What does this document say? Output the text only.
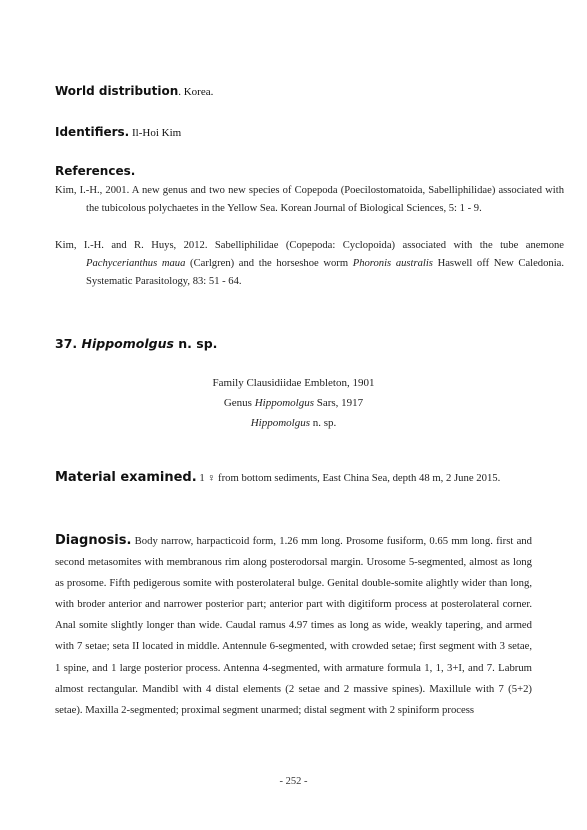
World distribution. Korea.

Identifiers. Il-Hoi Kim

References.

Kim, I.-H., 2001. A new genus and two new species of Copepoda (Poecilostomatoida, Sabelliphilidae) associated with the tubicolous polychaetes in the Yellow Sea. Korean Journal of Biological Sciences, 5: 1 - 9.

Kim, I.-H. and R. Huys, 2012. Sabelliphilidae (Copepoda: Cyclopoida) associated with the tube anemone Pachycerianthus maua (Carlgren) and the horseshoe worm Phoronis australis Haswell off New Caledonia. Systematic Parasitology, 83: 51 - 64.

37. Hippomolgus n. sp.

Family Clausidiidae Embleton, 1901

Genus Hippomolgus Sars, 1917

Hippomolgus n. sp.

Material examined. 1 ♀ from bottom sediments, East China Sea, depth 48 m, 2 June 2015.

Diagnosis. Body narrow, harpacticoid form, 1.26 mm long. Prosome fusiform, 0.65 mm long. first and second metasomites with membranous rim along posterodorsal margin. Urosome 5-segmented, almost as long as prosome. Fifth pedigerous somite with posterolateral bulge. Genital double-somite alightly wider than long, with broder anterior and narrower posterior part; anterior part with digitiform process at posterolateral corner. Anal somite slightly longer than wide. Caudal ramus 4.97 times as long as wide, weakly tapering, and armed with 7 setae; seta II located in middle. Antennule 6-segmented, with crowded setae; first segment with 3 setae, 1 spine, and 1 large posterior process. Antenna 4-segmented, with armature formula 1, 1, 3+I, and 7. Labrum almost rectangular. Mandibl with 4 distal elements (2 setae and 2 massive spines). Maxillule with 7 (5+2) setae). Maxilla 2-segmented; proximal segment unarmed; distal segment with 2 spiniform process

- 252 -
